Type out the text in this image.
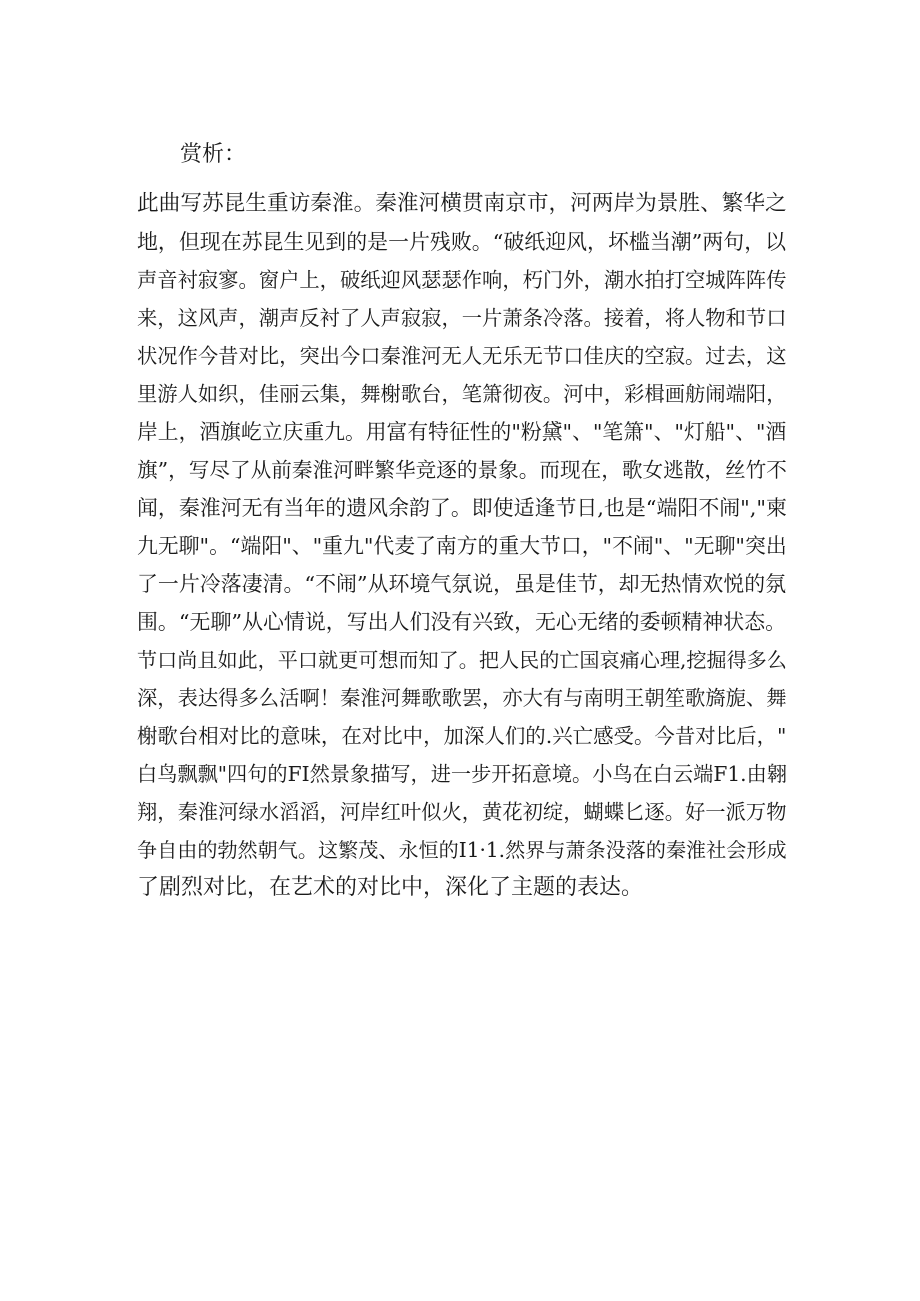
赏析：

此曲写苏昆生重访秦淮。秦淮河横贯南京市，河两岸为景胜、繁华之
地，但现在苏昆生见到的是一片残败。“破纸迎风，坏槛当潮”两句，以
声音衬寂寥。窗户上，破纸迎风瑟瑟作响，朽门外，潮水拍打空城阵阵传
来，这风声，潮声反衬了人声寂寂，一片萧条冷落。接着，将人物和节口
状况作今昔对比，突出今口秦淮河无人无乐无节口佳庆的空寂。过去，这
里游人如织，佳丽云集，舞榭歌台，笔箫彻夜。河中，彩楫画舫闹端阳，
岸上，酒旗屹立庆重九。用富有特征性的"粉黛"、"笔箫"、"灯船"、"酒
旗”，写尽了从前秦淮河畔繁华竞逐的景象。而现在，歌女逃散，丝竹不
闻，秦淮河无有当年的遗风余韵了。即使适逢节日,也是“端阳不闹","柬
九无聊"。“端阳"、"重九"代麦了南方的重大节口，"不闹"、"无聊"突出
了一片冷落凄清。“不闹”从环境气氛说，虽是佳节，却无热情欢悦的氛
围。“无聊”从心情说，写出人们没有兴致，无心无绪的委顿精神状态。
节口尚且如此，平口就更可想而知了。把人民的亡国哀痛心理,挖掘得多么
深，表达得多么活啊！秦淮河舞歌歌罢，亦大有与南明王朝笙歌旖旎、舞
榭歌台相对比的意味，在对比中，加深人们的.兴亡感受。今昔对比后，"
白鸟飘飘"四句的FI然景象描写，进一步开拓意境。小鸟在白云端F1.由翱
翔，秦淮河绿水滔滔，河岸红叶似火，黄花初绽，蝴蝶匕逐。好一派万物
争自由的勃然朝气。这繁茂、永恒的I1·1.然界与萧条没落的秦淮社会形成
了剧烈对比，在艺术的对比中，深化了主题的表达。
